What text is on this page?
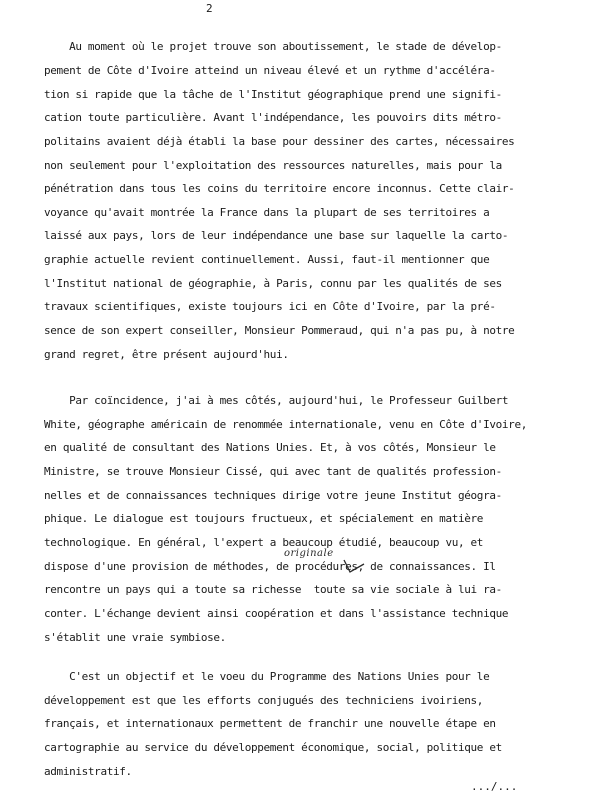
2
Au moment où le projet trouve son aboutissement, le stade de dévelop-
pement de Côte d'Ivoire atteind un niveau élevé et un rythme d'accéléra-
tion si rapide que la tâche de l'Institut géographique prend une signifi-
cation toute particulière. Avant l'indépendance, les pouvoirs dits métro-
politains avaient déjà établi la base pour dessiner des cartes, nécessaires
non seulement pour l'exploitation des ressources naturelles, mais pour la
pénétration dans tous les coins du territoire encore inconnus. Cette clair-
voyance qu'avait montrée la France dans la plupart de ses territoires a
laissé aux pays, lors de leur indépendance une base sur laquelle la carto-
graphie actuelle revient continuellement. Aussi, faut-il mentionner que
l'Institut national de géographie, à Paris, connu par les qualités de ses
travaux scientifiques, existe toujours ici en Côte d'Ivoire, par la pré-
sence de son expert conseiller, Monsieur Pommeraud, qui n'a pas pu, à notre
grand regret, être présent aujourd'hui.
Par coïncidence, j'ai à mes côtés, aujourd'hui, le Professeur Guilbert
White, géographe américain de renommée internationale, venu en Côte d'Ivoire,
en qualité de consultant des Nations Unies. Et, à vos côtés, Monsieur le
Ministre, se trouve Monsieur Cissé, qui avec tant de qualités profession-
nelles et de connaissances techniques dirige votre jeune Institut géogra-
phique. Le dialogue est toujours fructueux, et spécialement en matière
technologique. En général, l'expert a beaucoup étudié, beaucoup vu, et
dispose d'une provision de méthodes, de procédures, de connaissances. Il
rencontre un pays qui a toute sa richesse  toute sa vie sociale à lui ra-
conter. L'échange devient ainsi coopération et dans l'assistance technique
s'établit une vraie symbiose.
C'est un objectif et le voeu du Programme des Nations Unies pour le
développement est que les efforts conjugués des techniciens ivoiriens,
français, et internationaux permettent de franchir une nouvelle étape en
cartographie au service du développement économique, social, politique et
administratif.
originale
.../...
